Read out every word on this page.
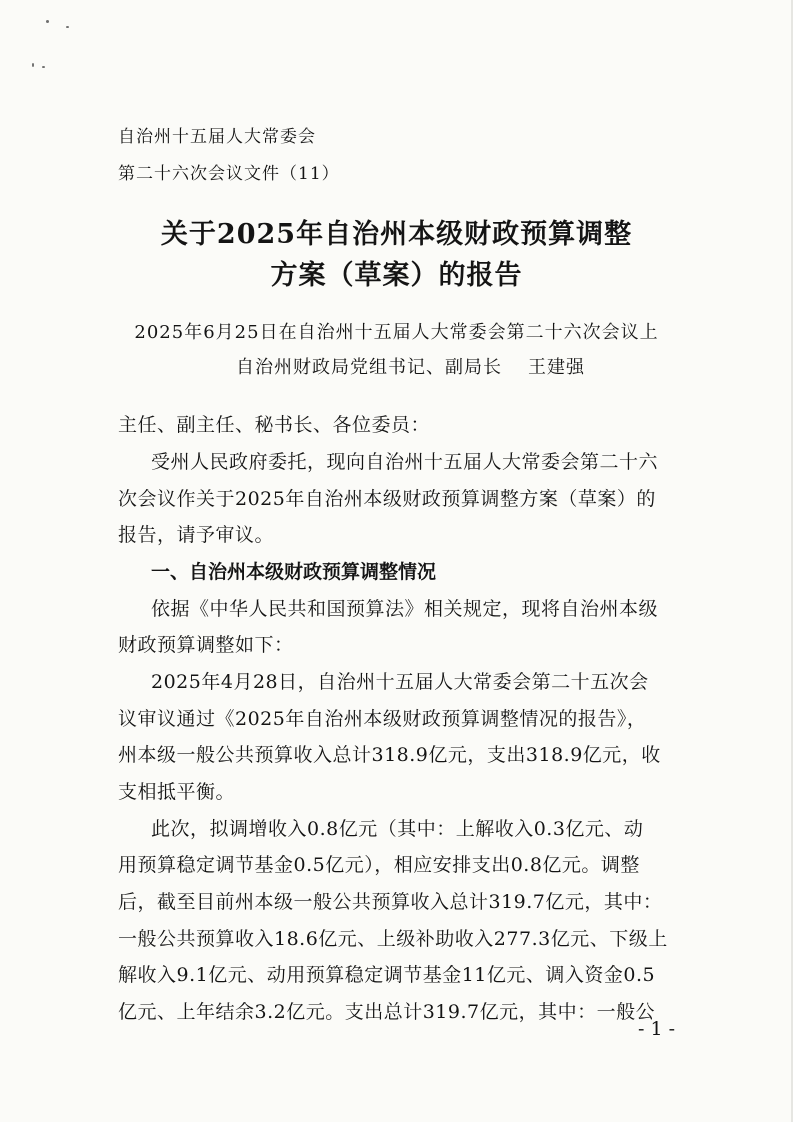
自治州十五届人大常委会
第二十六次会议文件（11）
关于2025年自治州本级财政预算调整
方案（草案）的报告
2025年6月25日在自治州十五届人大常委会第二十六次会议上
自治州财政局党组书记、副局长 王建强
主任、副主任、秘书长、各位委员：
受州人民政府委托，现向自治州十五届人大常委会第二十六
次会议作关于2025年自治州本级财政预算调整方案（草案）的
报告，请予审议。
一、自治州本级财政预算调整情况
依据《中华人民共和国预算法》相关规定，现将自治州本级
财政预算调整如下：
2025年4月28日，自治州十五届人大常委会第二十五次会
议审议通过《2025年自治州本级财政预算调整情况的报告》，
州本级一般公共预算收入总计318.9亿元，支出318.9亿元，收
支相抵平衡。
此次，拟调增收入0.8亿元（其中：上解收入0.3亿元、动
用预算稳定调节基金0.5亿元），相应安排支出0.8亿元。调整
后，截至目前州本级一般公共预算收入总计319.7亿元，其中：
一般公共预算收入18.6亿元、上级补助收入277.3亿元、下级上
解收入9.1亿元、动用预算稳定调节基金11亿元、调入资金0.5
亿元、上年结余3.2亿元。支出总计319.7亿元，其中：一般公
- 1 -
